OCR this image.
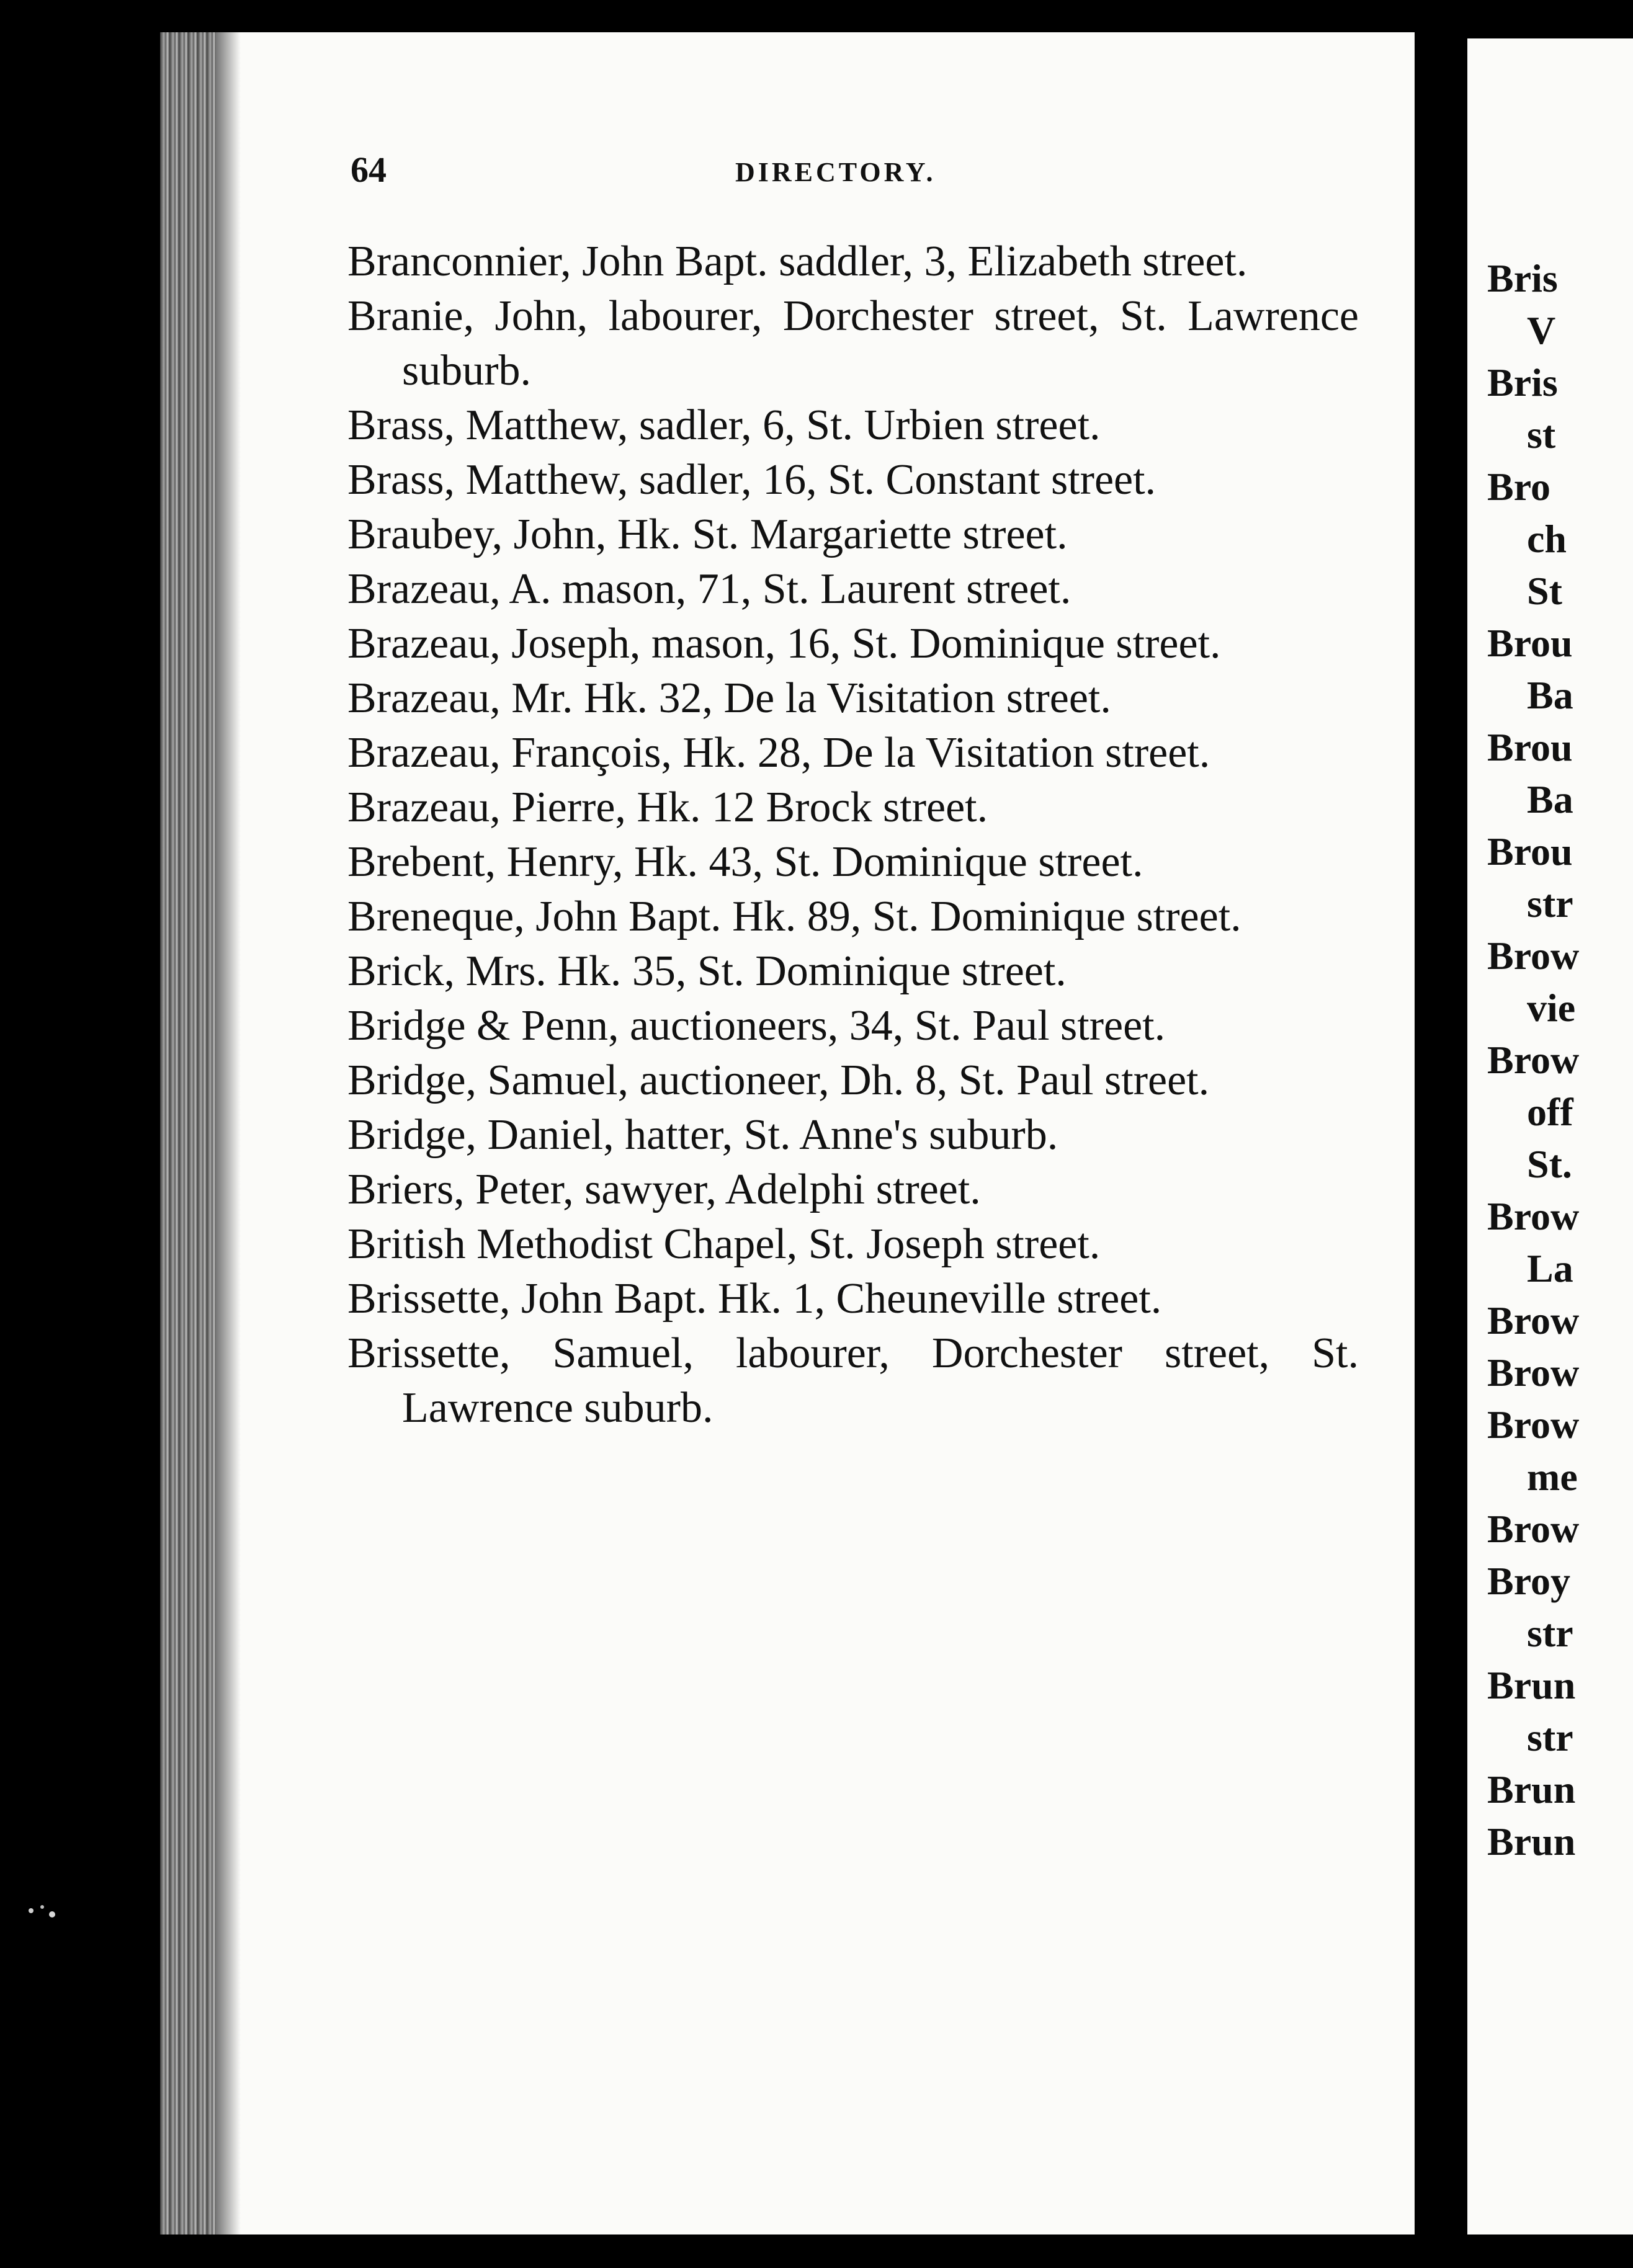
64	DIRECTORY.

Branconnier, John Bapt. saddler, 3, Elizabeth street.

Branie, John, labourer, Dorchester street, St. Lawrence suburb.

Brass, Matthew, sadler, 6, St. Urbien street.

Brass, Matthew, sadler, 16, St. Constant street.

Braubey, John, Hk. St. Margariette street.

Brazeau, A. mason, 71, St. Laurent street.

Brazeau, Joseph, mason, 16, St. Dominique street.

Brazeau, Mr. Hk. 32, De la Visitation street.

Brazeau, François, Hk. 28, De la Visitation street.

Brazeau, Pierre, Hk. 12 Brock street.

Brebent, Henry, Hk. 43, St. Dominique street.

Breneque, John Bapt. Hk. 89, St. Dominique street.

Brick, Mrs. Hk. 35, St. Dominique street.

Bridge & Penn, auctioneers, 34, St. Paul street.

Bridge, Samuel, auctioneer, Dh. 8, St. Paul street.

Bridge, Daniel, hatter, St. Anne's suburb.

Briers, Peter, sawyer, Adelphi street.

British Methodist Chapel, St. Joseph street.

Brissette, John Bapt. Hk. 1, Cheuneville street.

Brissette, Samuel, labourer, Dorchester street, St. Lawrence suburb.

Bris
V
Bris
st
Bro
ch
St
Brou
Ba
Brou
Ba
Brou
str
Brow
vie
Brow
off
St.
Brow
La
Brow
Brow
Brow
me
Brow
Broy
str
Brun
str
Brun
Brun
